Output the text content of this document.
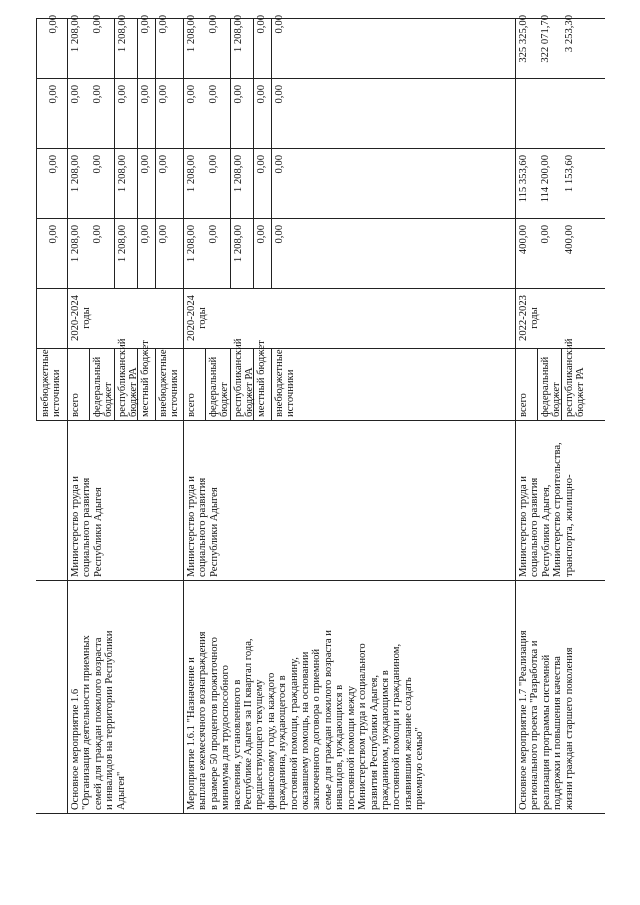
внебюджетные
источники
0,00
0,00
0,00
0,00
Основное мероприятие 1.6
"Организация деятельности приемных
семей для граждан пожилого возраста
и инвалидов на территории Республики
Адыгея"
Министерство труда и
социального развития
Республики Адыгея
2020-2024
годы
всего
1 208,00
1 208,00
0,00
1 208,00
федеральный
бюджет
0,00
0,00
0,00
0,00
республиканский
бюджет РА
1 208,00
1 208,00
0,00
1 208,00
местный бюджет
0,00
0,00
0,00
0,00
внебюджетные
источники
0,00
0,00
0,00
0,00
Мероприятие 1.6.1 "Назначение и
выплата ежемесячного вознаграждения
в размере 50 процентов прожиточного
минимума для трудоспособного
населения, установленного в
Республике Адыгея за II квартал года,
предшествующего текущему
финансовому году, на каждого
гражданина, нуждающегося в
постоянной помощи, гражданину,
оказавшему помощь, на основании
заключенного договора о приемной
семье для граждан пожилого возраста и
инвалидов, нуждающихся в
постоянной помощи между
Министерством труда и социального
развития Республики Адыгея,
гражданином, нуждающимся в
постоянной помощи и гражданином,
изъявившим желание создать
приемную семью"
Министерство труда и
социального развития
Республики Адыгея
2020-2024
годы
всего
1 208,00
1 208,00
0,00
1 208,00
федеральный
бюджет
0,00
0,00
0,00
0,00
республиканский
бюджет РА
1 208,00
1 208,00
0,00
1 208,00
местный бюджет
0,00
0,00
0,00
0,00
внебюджетные
источники
0,00
0,00
0,00
0,00
Основное мероприятие 1.7 "Реализация
регионального проекта "Разработка и
реализация программы системной
поддержки и повышения качества
жизни граждан старшего поколения
Министерство труда и
социального развития
Республики Адыгея,
Министерство строительства,
транспорта, жилищно-
2022-2023
годы
всего
400,00
115 353,60
325 325,00
федеральный
бюджет
0,00
114 200,00
322 071,70
республиканский
бюджет РА
400,00
1 153,60
3 253,30
